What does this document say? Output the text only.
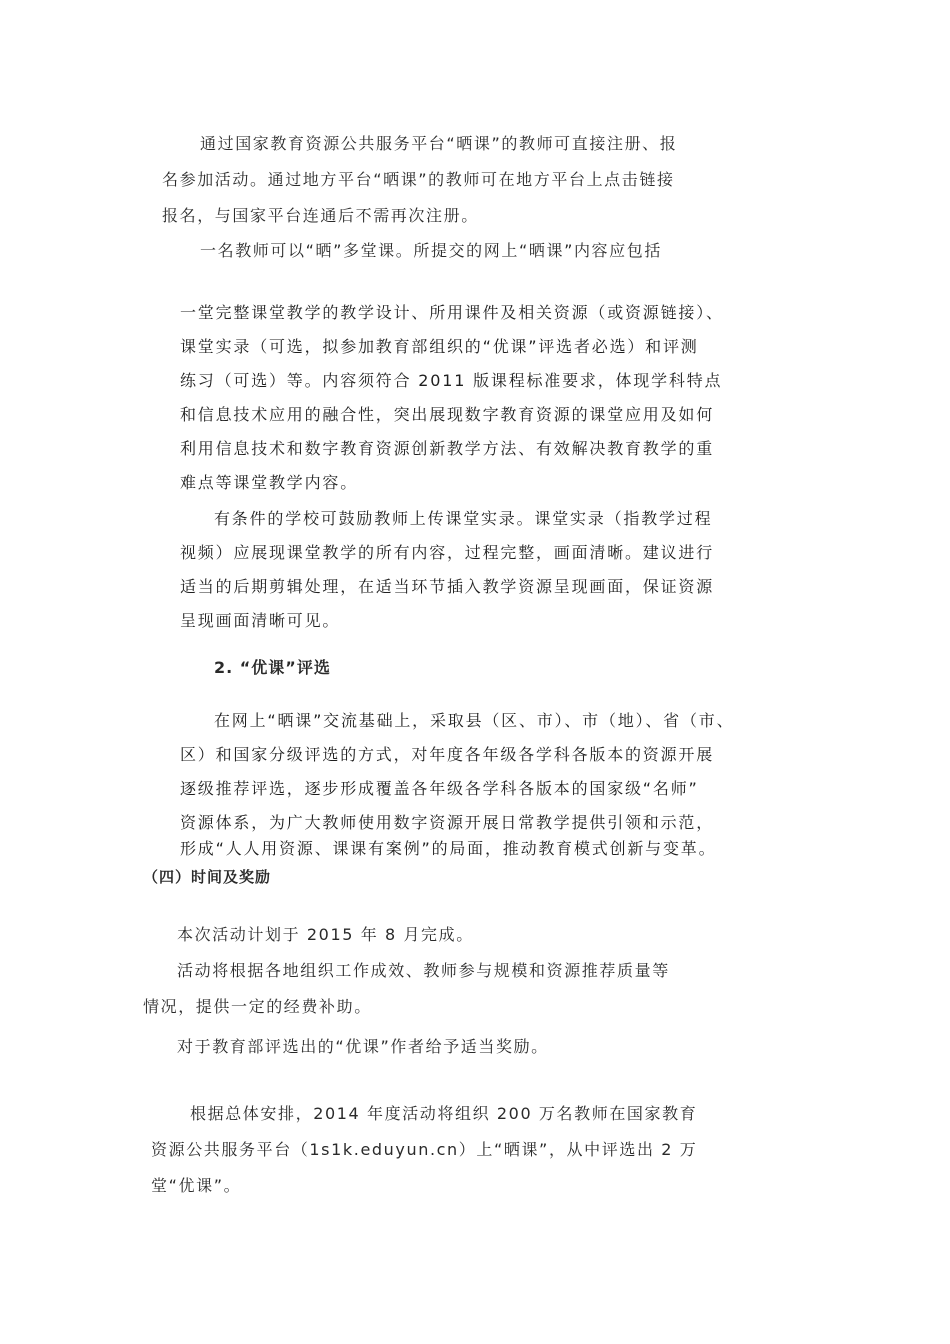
通过国家教育资源公共服务平台“晒课”的教师可直接注册、报
名参加活动。通过地方平台“晒课”的教师可在地方平台上点击链接
报名，与国家平台连通后不需再次注册。
一名教师可以“晒”多堂课。所提交的网上“晒课”内容应包括
一堂完整课堂教学的教学设计、所用课件及相关资源（或资源链接）、
课堂实录（可选，拟参加教育部组织的“优课”评选者必选）和评测
练习（可选）等。内容须符合 2011 版课程标准要求，体现学科特点
和信息技术应用的融合性，突出展现数字教育资源的课堂应用及如何
利用信息技术和数字教育资源创新教学方法、有效解决教育教学的重
难点等课堂教学内容。
有条件的学校可鼓励教师上传课堂实录。课堂实录（指教学过程
视频）应展现课堂教学的所有内容，过程完整，画面清晰。建议进行
适当的后期剪辑处理，在适当环节插入教学资源呈现画面，保证资源
呈现画面清晰可见。
2. “优课”评选
在网上“晒课”交流基础上，采取县（区、市）、市（地）、省（市、
区）和国家分级评选的方式，对年度各年级各学科各版本的资源开展
逐级推荐评选，逐步形成覆盖各年级各学科各版本的国家级“名师”
资源体系，为广大教师使用数字资源开展日常教学提供引领和示范，
形成“人人用资源、课课有案例”的局面，推动教育模式创新与变革。
（四）时间及奖励
本次活动计划于 2015 年 8 月完成。
活动将根据各地组织工作成效、教师参与规模和资源推荐质量等
情况，提供一定的经费补助。
对于教育部评选出的“优课”作者给予适当奖励。
根据总体安排，2014 年度活动将组织 200 万名教师在国家教育
资源公共服务平台（1s1k.eduyun.cn）上“晒课”，从中评选出 2 万
堂“优课”。
